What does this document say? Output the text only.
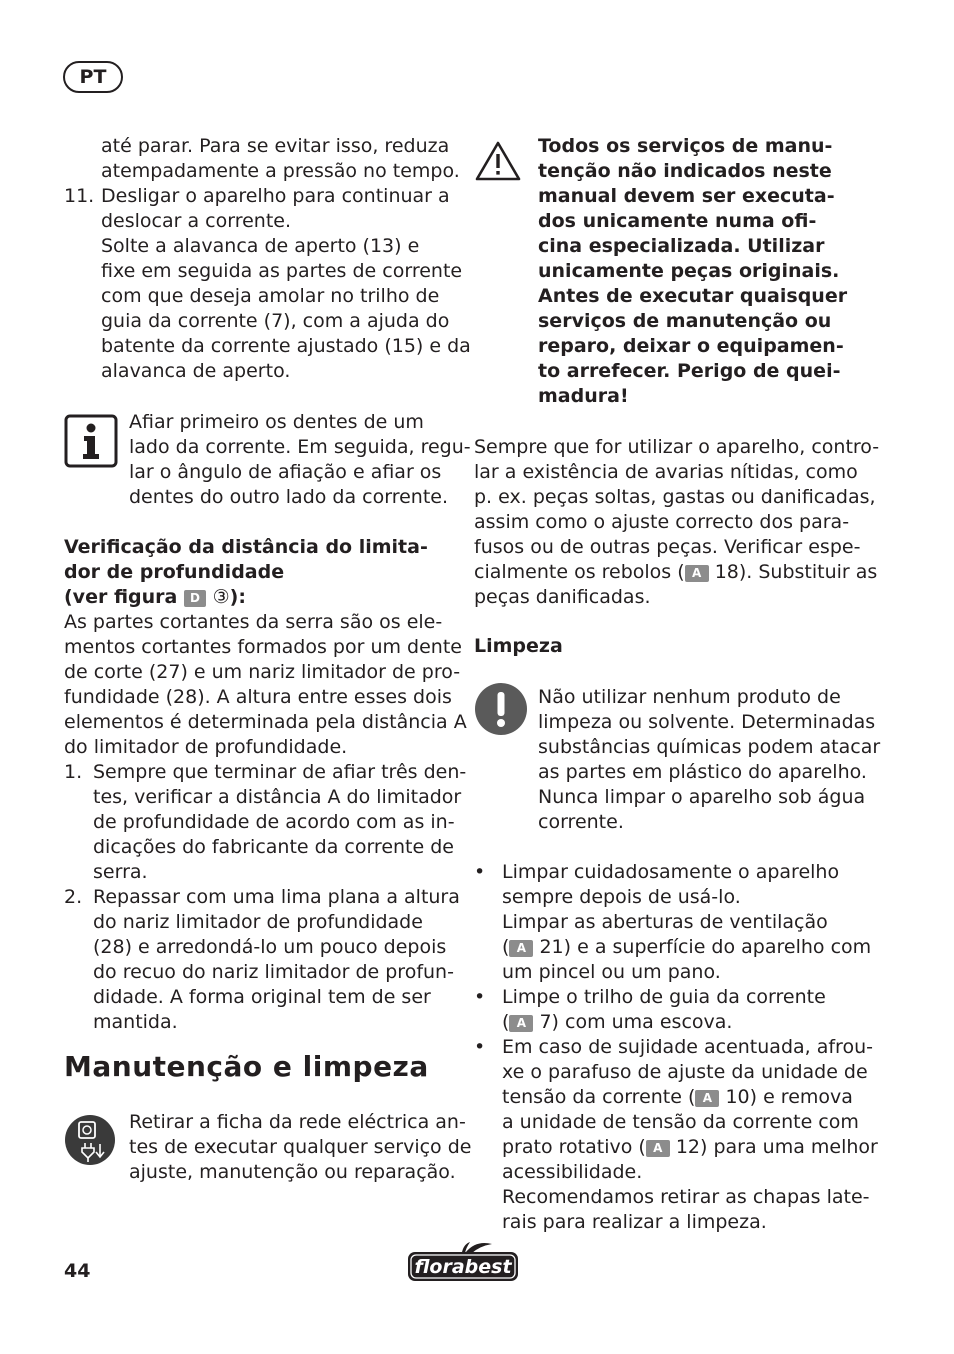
PT
até parar. Para se evitar isso, reduza
atempadamente a pressão no tempo.
11. Desligar o aparelho para continuar a
deslocar a corrente.
Solte a alavanca de aperto (13) e
fixe em seguida as partes de corrente
com que deseja amolar no trilho de
guia da corrente (7), com a ajuda do
batente da corrente ajustado (15) e da
alavanca de aperto.
Afiar primeiro os dentes de um
lado da corrente. Em seguida, regu-
lar o ângulo de afiação e afiar os
dentes do outro lado da corrente.
Verificação da distância do limita-
dor de profundidade
(ver figura D ③):
As partes cortantes da serra são os ele-
mentos cortantes formados por um dente
de corte (27) e um nariz limitador de pro-
fundidade (28). A altura entre esses dois
elementos é determinada pela distância A
do limitador de profundidade.
1. Sempre que terminar de afiar três den-
tes, verificar a distância A do limitador
de profundidade de acordo com as in-
dicações do fabricante da corrente de
serra.
2. Repassar com uma lima plana a altura
do nariz limitador de profundidade
(28) e arredondá-lo um pouco depois
do recuo do nariz limitador de profun-
didade. A forma original tem de ser
mantida.
Manutenção e limpeza
Retirar a ficha da rede eléctrica an-
tes de executar qualquer serviço de
ajuste, manutenção ou reparação.
44	florabest
Todos os serviços de manu-
tenção não indicados neste
manual devem ser executa-
dos unicamente numa ofi-
cina especializada. Utilizar
unicamente peças originais.
Antes de executar quaisquer
serviços de manutenção ou
reparo, deixar o equipamen-
to arrefecer. Perigo de quei-
madura!
Sempre que for utilizar o aparelho, contro-
lar a existência de avarias nítidas, como
p. ex. peças soltas, gastas ou danificadas,
assim como o ajuste correcto dos para-
fusos ou de outras peças. Verificar espe-
cialmente os rebolos ( A 18). Substituir as
peças danificadas.
Limpeza
Não utilizar nenhum produto de
limpeza ou solvente. Determinadas
substâncias químicas podem atacar
as partes em plástico do aparelho.
Nunca limpar o aparelho sob água
corrente.
• Limpar cuidadosamente o aparelho
sempre depois de usá-lo.
Limpar as aberturas de ventilação
( A 21) e a superfície do aparelho com
um pincel ou um pano.
• Limpe o trilho de guia da corrente
( A 7) com uma escova.
• Em caso de sujidade acentuada, afrou-
xe o parafuso de ajuste da unidade de
tensão da corrente ( A 10) e remova
a unidade de tensão da corrente com
prato rotativo ( A 12) para uma melhor
acessibilidade.
Recomendamos retirar as chapas late-
rais para realizar a limpeza.
